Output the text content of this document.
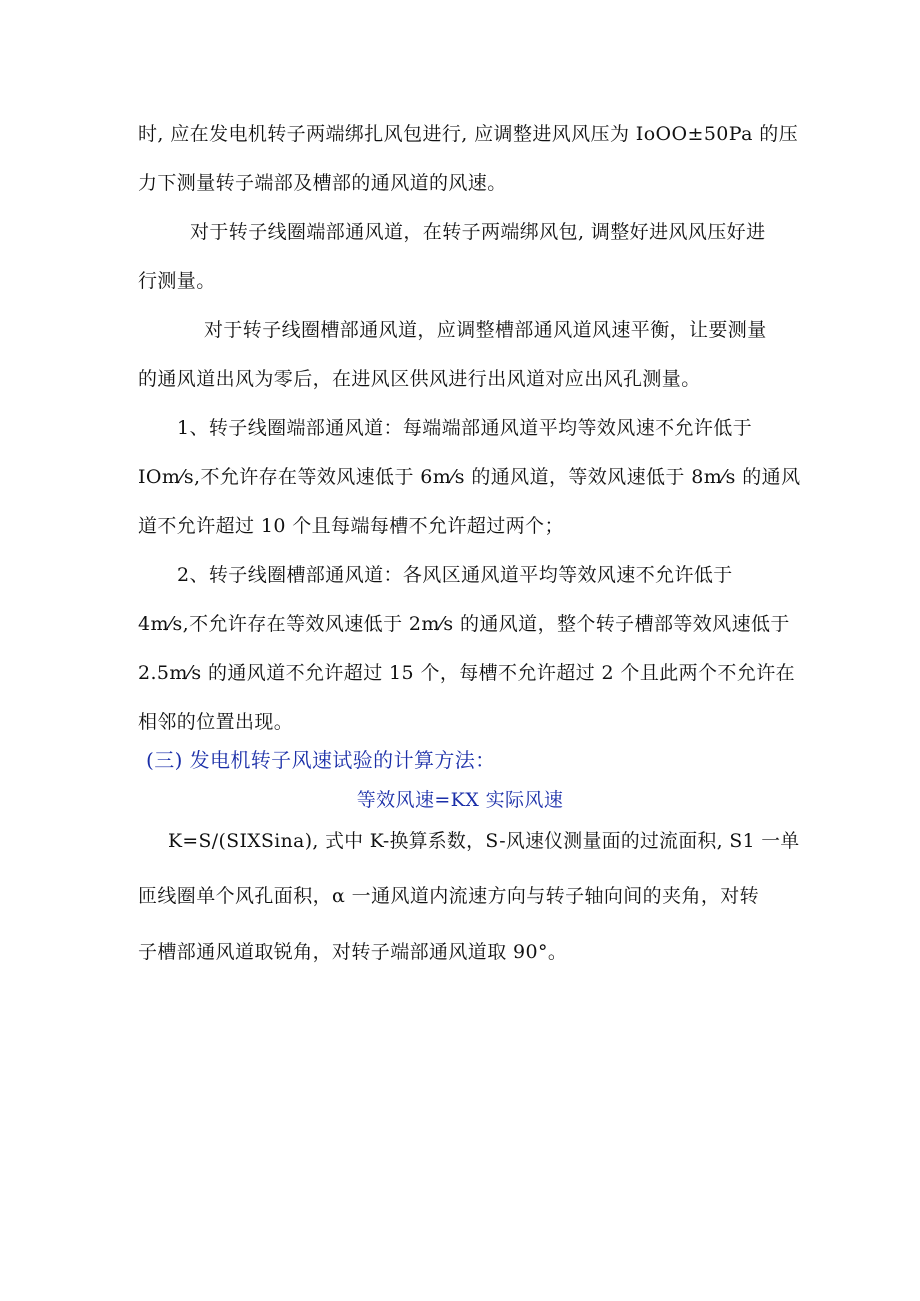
时, 应在发电机转子两端绑扎风包进行, 应调整进风风压为 IoOO±50Pa 的压
力下测量转子端部及槽部的通风道的风速。
对于转子线圈端部通风道，在转子两端绑风包, 调整好进风风压好进
行测量。
对于转子线圈槽部通风道，应调整槽部通风道风速平衡，让要测量
的通风道出风为零后，在进风区供风进行出风道对应出风孔测量。
1、转子线圈端部通风道：每端端部通风道平均等效风速不允许低于
IOm⁄s,不允许存在等效风速低于 6m⁄s 的通风道，等效风速低于 8m⁄s 的通风
道不允许超过 10 个且每端每槽不允许超过两个；
2、转子线圈槽部通风道：各风区通风道平均等效风速不允许低于
4m⁄s,不允许存在等效风速低于 2m⁄s 的通风道，整个转子槽部等效风速低于
2.5m⁄s 的通风道不允许超过 15 个，每槽不允许超过 2 个且此两个不允许在
相邻的位置出现。
(三) 发电机转子风速试验的计算方法：
等效风速=KX 实际风速
K=S/(SIXSina), 式中 K-换算系数，S-风速仪测量面的过流面积, S1 一单
匝线圈单个风孔面积，α 一通风道内流速方向与转子轴向间的夹角，对转
子槽部通风道取锐角，对转子端部通风道取 90°。
